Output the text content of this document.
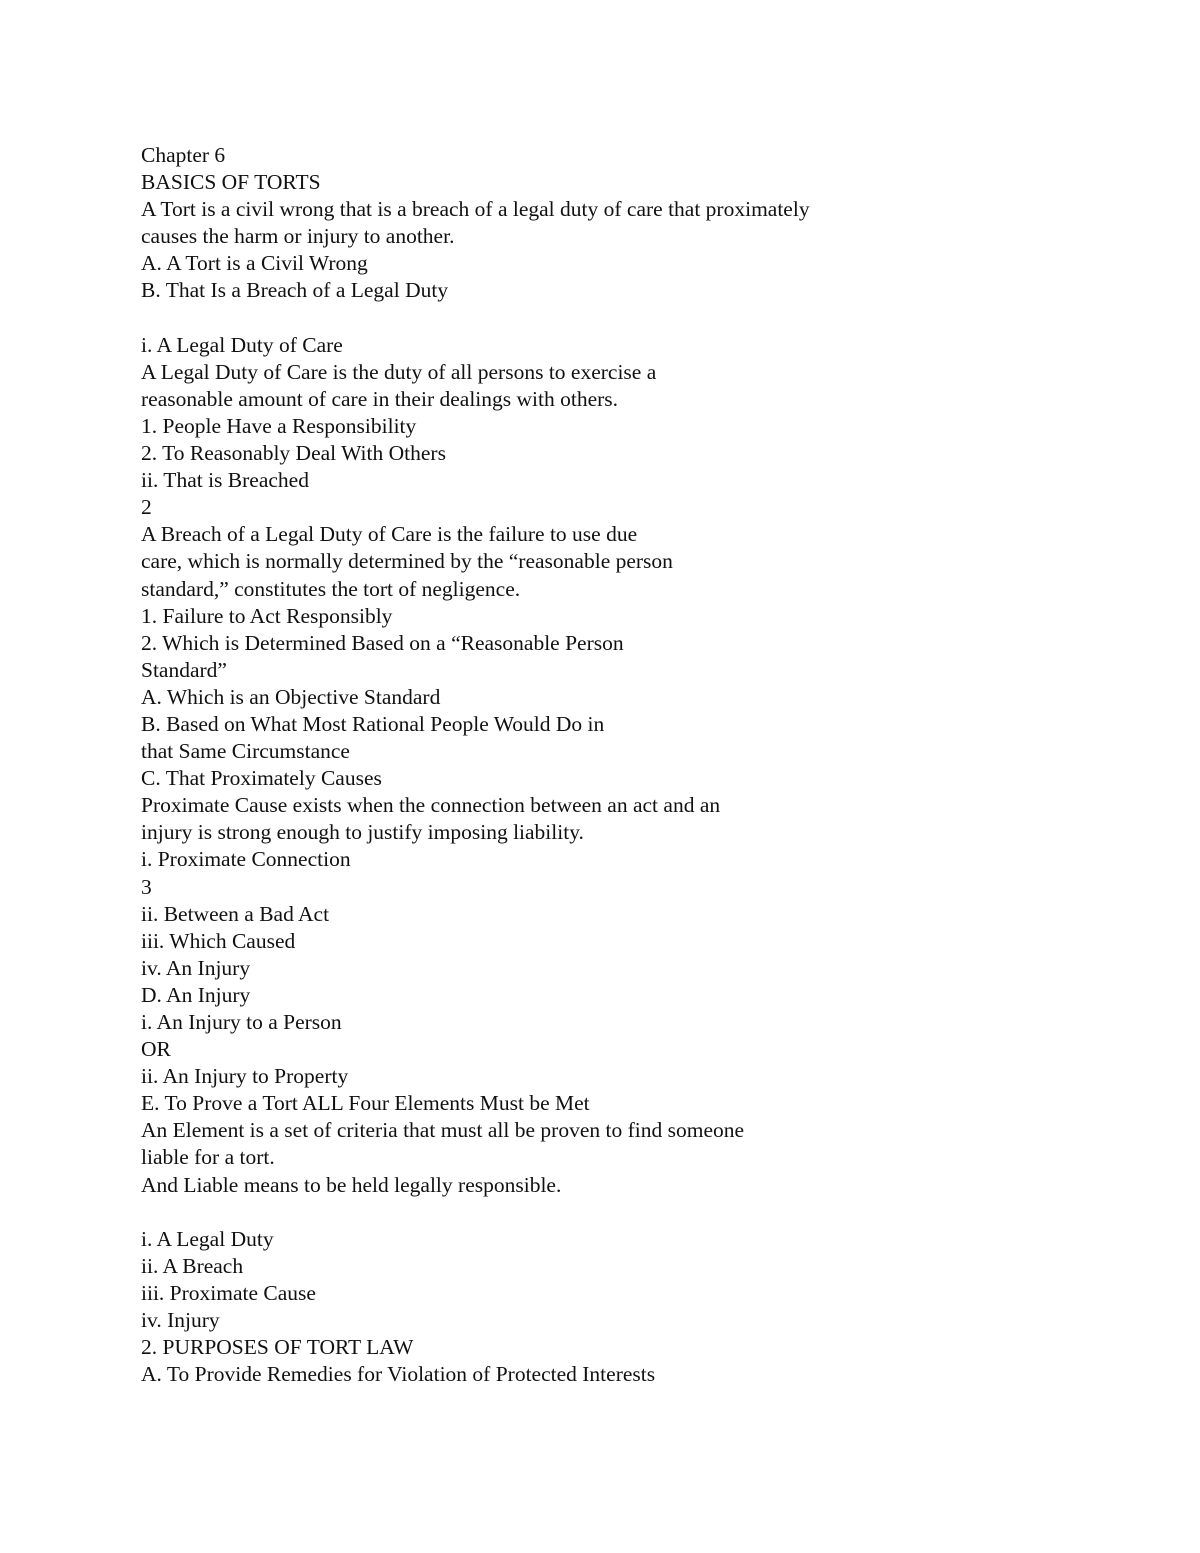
Chapter 6
BASICS OF TORTS
A Tort is a civil wrong that is a breach of a legal duty of care that proximately
causes the harm or injury to another.
A. A Tort is a Civil Wrong
B. That Is a Breach of a Legal Duty
i. A Legal Duty of Care
A Legal Duty of Care is the duty of all persons to exercise a
reasonable amount of care in their dealings with others.
1. People Have a Responsibility
2. To Reasonably Deal With Others
ii. That is Breached
2
A Breach of a Legal Duty of Care is the failure to use due
care, which is normally determined by the “reasonable person
standard,” constitutes the tort of negligence.
1. Failure to Act Responsibly
2. Which is Determined Based on a “Reasonable Person
Standard”
A. Which is an Objective Standard
B. Based on What Most Rational People Would Do in
that Same Circumstance
C. That Proximately Causes
Proximate Cause exists when the connection between an act and an
injury is strong enough to justify imposing liability.
i. Proximate Connection
3
ii. Between a Bad Act
iii. Which Caused
iv. An Injury
D. An Injury
i. An Injury to a Person
OR
ii. An Injury to Property
E. To Prove a Tort ALL Four Elements Must be Met
An Element is a set of criteria that must all be proven to find someone
liable for a tort.
And Liable means to be held legally responsible.
i. A Legal Duty
ii. A Breach
iii. Proximate Cause
iv. Injury
2. PURPOSES OF TORT LAW
A. To Provide Remedies for Violation of Protected Interests
